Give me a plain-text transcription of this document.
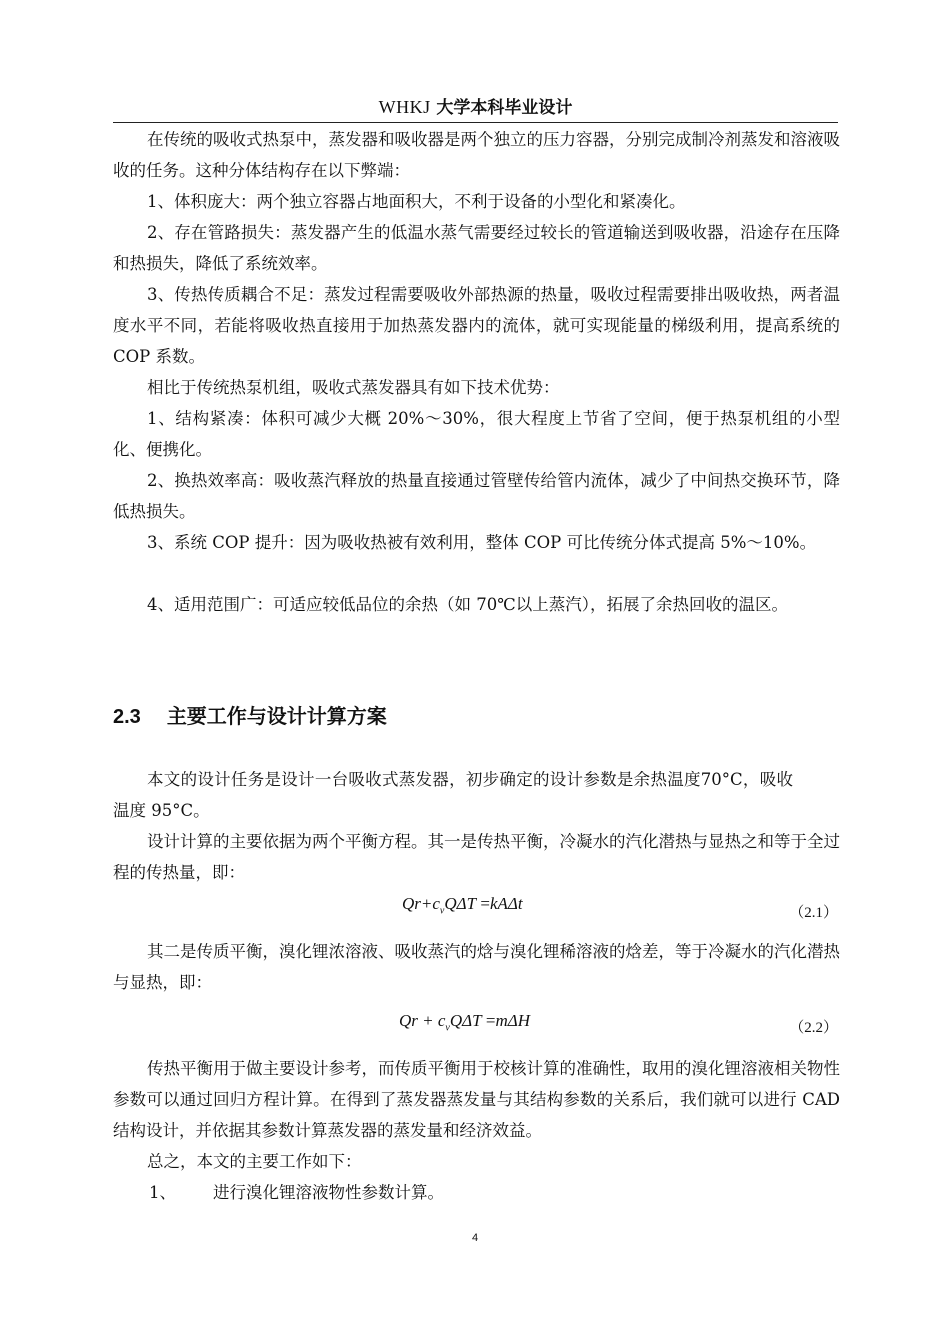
WHKJ 大学本科毕业设计

在传统的吸收式热泵中，蒸发器和吸收器是两个独立的压力容器，分别完成制冷剂蒸发和溶液吸收的任务。这种分体结构存在以下弊端：

1、体积庞大：两个独立容器占地面积大，不利于设备的小型化和紧凑化。

2、存在管路损失：蒸发器产生的低温水蒸气需要经过较长的管道输送到吸收器，沿途存在压降和热损失，降低了系统效率。

3、传热传质耦合不足：蒸发过程需要吸收外部热源的热量，吸收过程需要排出吸收热，两者温度水平不同，若能将吸收热直接用于加热蒸发器内的流体，就可实现能量的梯级利用，提高系统的 COP 系数。

相比于传统热泵机组，吸收式蒸发器具有如下技术优势：

1、结构紧凑：体积可减少大概 20%～30%，很大程度上节省了空间，便于热泵机组的小型化、便携化。

2、换热效率高：吸收蒸汽释放的热量直接通过管壁传给管内流体，减少了中间热交换环节，降低热损失。

3、系统 COP 提升：因为吸收热被有效利用，整体 COP 可比传统分体式提高 5%～10%。

4、适用范围广：可适应较低品位的余热（如 70℃以上蒸汽），拓展了余热回收的温区。

2.3 主要工作与设计计算方案

本文的设计任务是设计一台吸收式蒸发器，初步确定的设计参数是余热温度70°C，吸收温度 95°C。

设计计算的主要依据为两个平衡方程。其一是传热平衡，冷凝水的汽化潜热与显热之和等于全过程的传热量，即：

$Qr+c_vQ\Delta T =kA\Delta t$	（2.1）

其二是传质平衡，溴化锂浓溶液、吸收蒸汽的焓与溴化锂稀溶液的焓差，等于冷凝水的汽化潜热与显热，即：

$Qr + c_vQ\Delta T =m\Delta H$	（2.2）

传热平衡用于做主要设计参考，而传质平衡用于校核计算的准确性，取用的溴化锂溶液相关物性参数可以通过回归方程计算。在得到了蒸发器蒸发量与其结构参数的关系后，我们就可以进行 CAD 结构设计，并依据其参数计算蒸发器的蒸发量和经济效益。

总之，本文的主要工作如下：

1、 进行溴化锂溶液物性参数计算。
4
